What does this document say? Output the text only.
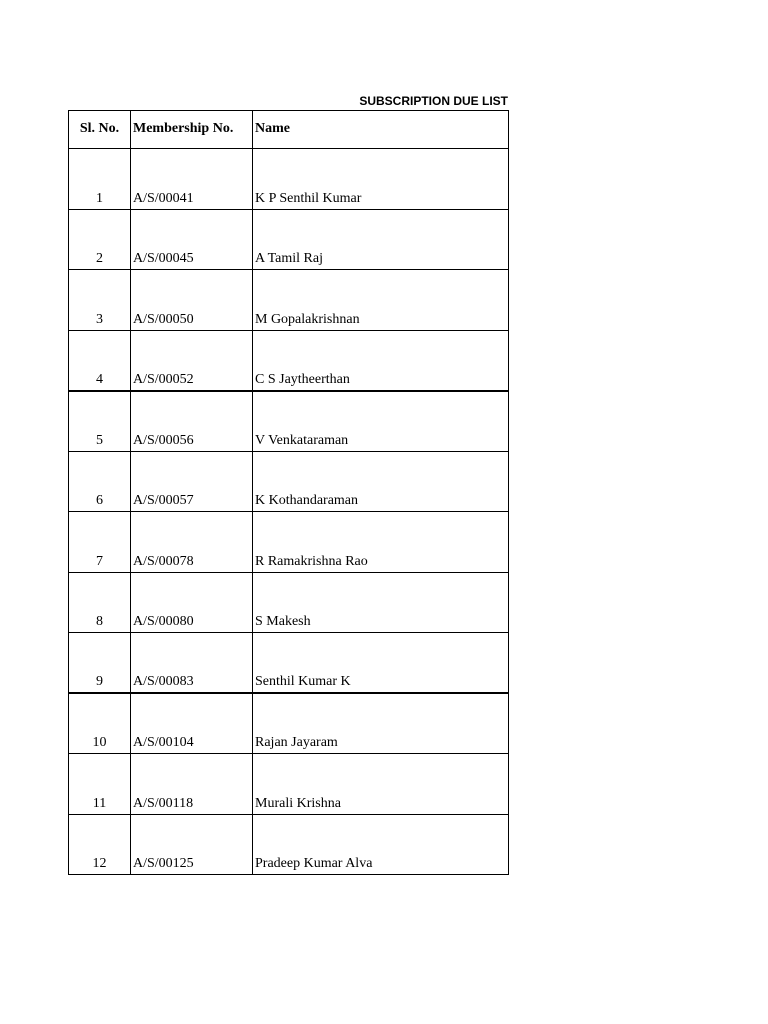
SUBSCRIPTION DUE LIST
Sl. No.	Membership No.	Name
1	A/S/00041	K P Senthil Kumar
2	A/S/00045	A Tamil Raj
3	A/S/00050	M Gopalakrishnan
4	A/S/00052	C S Jaytheerthan
5	A/S/00056	V Venkataraman
6	A/S/00057	K Kothandaraman
7	A/S/00078	R Ramakrishna Rao
8	A/S/00080	S Makesh
9	A/S/00083	Senthil Kumar K
10	A/S/00104	Rajan Jayaram
11	A/S/00118	Murali Krishna
12	A/S/00125	Pradeep Kumar Alva
